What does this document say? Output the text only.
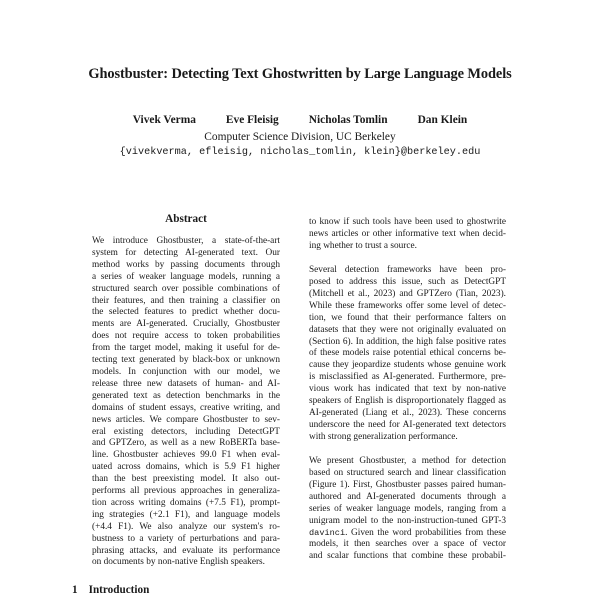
Ghostbuster: Detecting Text Ghostwritten by Large Language Models
Vivek Verma	Eve Fleisig	Nicholas Tomlin	Dan Klein
Computer Science Division, UC Berkeley
{vivekverma, efleisig, nicholas_tomlin, klein}@berkeley.edu
Abstract
We introduce Ghostbuster, a state-of-the-art
system for detecting AI-generated text. Our
method works by passing documents through
a series of weaker language models, running a
structured search over possible combinations of
their features, and then training a classifier on
the selected features to predict whether docu-
ments are AI-generated. Crucially, Ghostbuster
does not require access to token probabilities
from the target model, making it useful for de-
tecting text generated by black-box or unknown
models. In conjunction with our model, we
release three new datasets of human- and AI-
generated text as detection benchmarks in the
domains of student essays, creative writing, and
news articles. We compare Ghostbuster to sev-
eral existing detectors, including DetectGPT
and GPTZero, as well as a new RoBERTa base-
line. Ghostbuster achieves 99.0 F1 when eval-
uated across domains, which is 5.9 F1 higher
than the best preexisting model. It also out-
performs all previous approaches in generaliza-
tion across writing domains (+7.5 F1), prompt-
ing strategies (+2.1 F1), and language models
(+4.4 F1). We also analyze our system's ro-
bustness to a variety of perturbations and para-
phrasing attacks, and evaluate its performance
on documents by non-native English speakers.
to know if such tools have been used to ghostwrite
news articles or other informative text when decid-
ing whether to trust a source.
Several detection frameworks have been pro-
posed to address this issue, such as DetectGPT
(Mitchell et al., 2023) and GPTZero (Tian, 2023).
While these frameworks offer some level of detec-
tion, we found that their performance falters on
datasets that they were not originally evaluated on
(Section 6). In addition, the high false positive rates
of these models raise potential ethical concerns be-
cause they jeopardize students whose genuine work
is misclassified as AI-generated. Furthermore, pre-
vious work has indicated that text by non-native
speakers of English is disproportionately flagged as
AI-generated (Liang et al., 2023). These concerns
underscore the need for AI-generated text detectors
with strong generalization performance.
We present Ghostbuster, a method for detection
based on structured search and linear classification
(Figure 1). First, Ghostbuster passes paired human-
authored and AI-generated documents through a
series of weaker language models, ranging from a
unigram model to the non-instruction-tuned GPT-3
davinci. Given the word probabilities from these
models, it then searches over a space of vector
and scalar functions that combine these probabil-
1 Introduction
